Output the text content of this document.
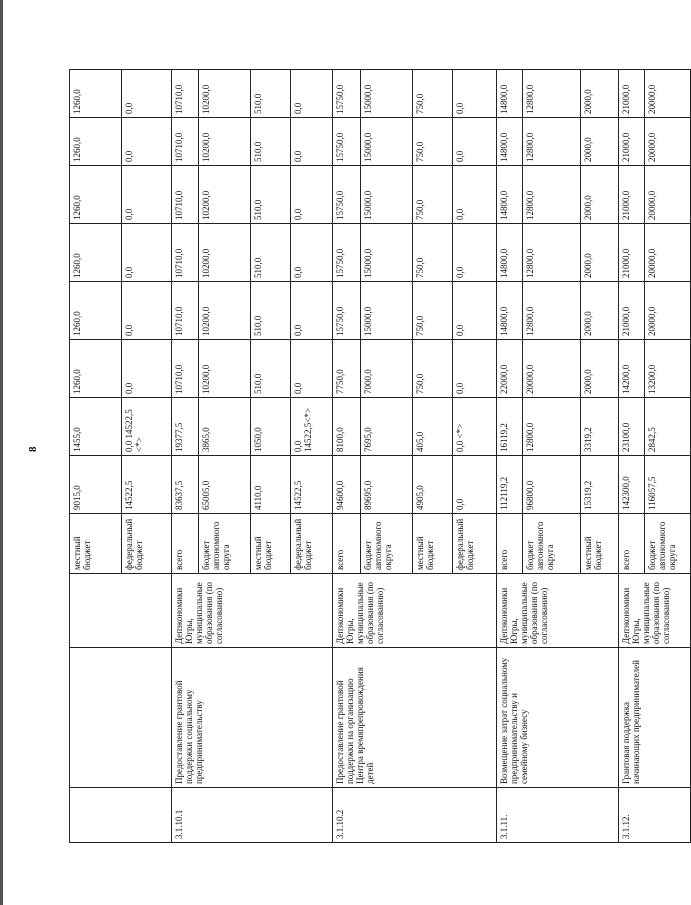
8
			местный бюджет	9015,0	1455,0	1260,0	1260,0	1260,0	1260,0	1260,0	1260,0
			федеральный бюджет	14522,5	0,0 14522,5 <*>	0,0	0,0	0,0	0,0	0,0	0,0
3.1.10.1	Предоставление грантовой поддержки социальному предпринимательству	Депэкономики Югры, муниципальные образования (по согласованию)	всего	83637,5	19377,5	10710,0	10710,0	10710,0	10710,0	10710,0	10710,0
			бюджет автономного округа	65005,0	3865,0	10200,0	10200,0	10200,0	10200,0	10200,0	10200,0
			местный бюджет	4110,0	1050,0	510,0	510,0	510,0	510,0	510,0	510,0
			федеральный бюджет	14522,5	0,0 14522,5<*>	0,0	0,0	0,0	0,0	0,0	0,0
3.1.10.2	Предоставление грантовой поддержки на организацию Центра времяпрепровождения детей	Депэкономики Югры, муниципальные образования (по согласованию)	всего	94600,0	8100,0	7750,0	15750,0	15750,0	15750,0	15750,0	15750,0
			бюджет автономного округа	89695,0	7695,0	7000,0	15000,0	15000,0	15000,0	15000,0	15000,0
			местный бюджет	4905,0	405,0	750,0	750,0	750,0	750,0	750,0	750,0
			федеральный бюджет	0,0	0,0 <*>	0,0	0,0	0,0	0,0	0,0	0,0
3.1.11.	Возмещение затрат социальному предпринимательству и семейному бизнесу	Депэкономики Югры, муниципальные образования (по согласованию)	всего	112119,2	16119,2	22000,0	14800,0	14800,0	14800,0	14800,0	14800,0
			бюджет автономного округа	96800,0	12800,0	20000,0	12800,0	12800,0	12800,0	12800,0	12800,0
			местный бюджет	15319,2	3319,2	2000,0	2000,0	2000,0	2000,0	2000,0	2000,0
3.1.12.	Грантовая поддержка начинающих предпринимателей	Депэкономики Югры, муниципальные образования (по согласованию)	всего	142300,0	23100,0	14200,0	21000,0	21000,0	21000,0	21000,0	21000,0
			бюджет автономного округа	116057,5	2842,5	13200,0	20000,0	20000,0	20000,0	20000,0	20000,0
